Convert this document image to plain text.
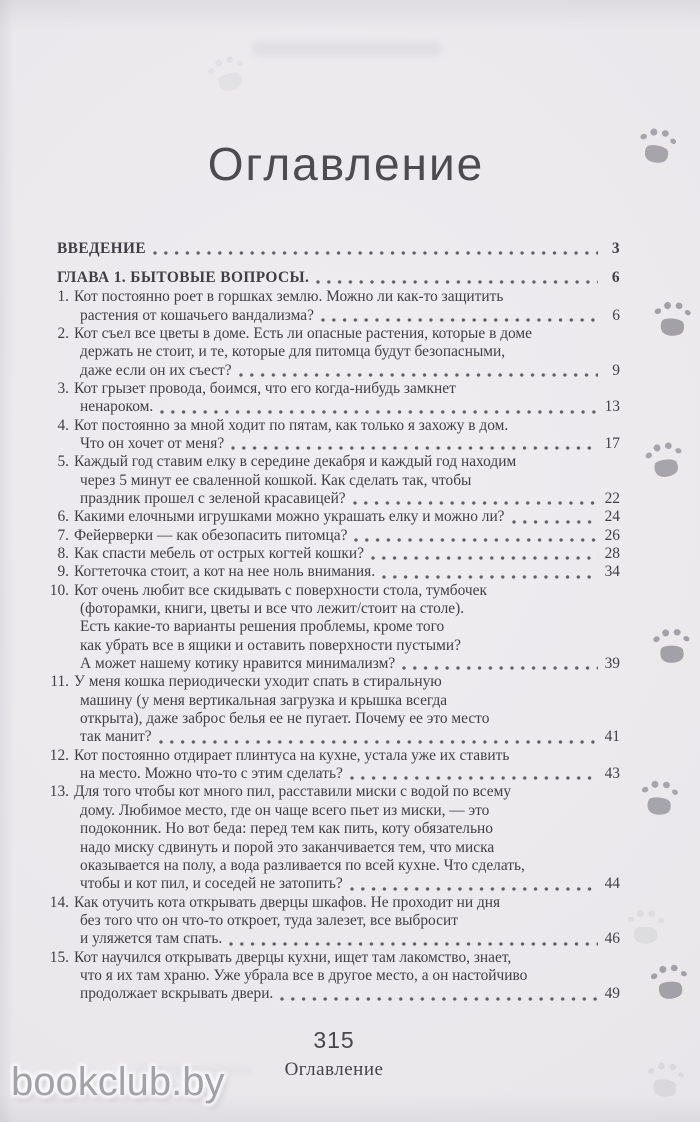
Оглавление
ВВЕДЕНИЕ	3
ГЛАВА 1. БЫТОВЫЕ ВОПРОСЫ.	6
1. Кот постоянно роет в горшках землю. Можно ли как-то защитить
растения от кошачьего вандализма?	6
2. Кот съел все цветы в доме. Есть ли опасные растения, которые в доме
держать не стоит, и те, которые для питомца будут безопасными,
даже если он их съест?	9
3. Кот грызет провода, боимся, что его когда-нибудь замкнет
ненароком.	13
4. Кот постоянно за мной ходит по пятам, как только я захожу в дом.
Что он хочет от меня?	17
5. Каждый год ставим елку в середине декабря и каждый год находим
через 5 минут ее сваленной кошкой. Как сделать так, чтобы
праздник прошел с зеленой красавицей?	22
6. Какими елочными игрушками можно украшать елку и можно ли?	24
7. Фейерверки — как обезопасить питомца?	26
8. Как спасти мебель от острых когтей кошки?	28
9. Когтеточка стоит, а кот на нее ноль внимания.	34
10. Кот очень любит все скидывать с поверхности стола, тумбочек
(фоторамки, книги, цветы и все что лежит/стоит на столе).
Есть какие-то варианты решения проблемы, кроме того
как убрать все в ящики и оставить поверхности пустыми?
А может нашему котику нравится минимализм?	39
11. У меня кошка периодически уходит спать в стиральную
машину (у меня вертикальная загрузка и крышка всегда
открыта), даже заброс белья ее не пугает. Почему ее это место
так манит?	41
12. Кот постоянно отдирает плинтуса на кухне, устала уже их ставить
на место. Можно что-то с этим сделать?	43
13. Для того чтобы кот много пил, расставили миски с водой по всему
дому. Любимое место, где он чаще всего пьет из миски, — это
подоконник. Но вот беда: перед тем как пить, коту обязательно
надо миску сдвинуть и порой это заканчивается тем, что миска
оказывается на полу, а вода разливается по всей кухне. Что сделать,
чтобы и кот пил, и соседей не затопить?	44
14. Как отучить кота открывать дверцы шкафов. Не проходит ни дня
без того что он что-то откроет, туда залезет, все выбросит
и уляжется там спать.	46
15. Кот научился открывать дверцы кухни, ищет там лакомство, знает,
что я их там храню. Уже убрала все в другое место, а он настойчиво
продолжает вскрывать двери.	49
315
Оглавление
bookclub.by
